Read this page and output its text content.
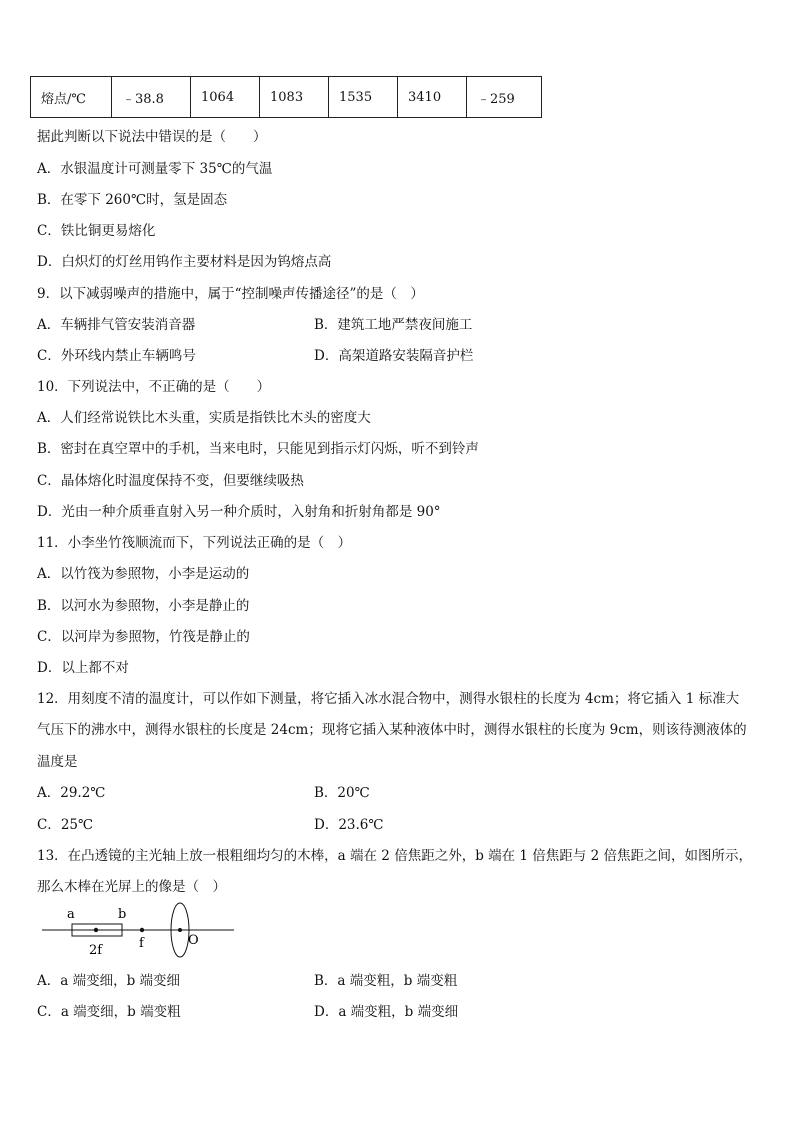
熔点/℃	﹣38.8	1064	1083	1535	3410	﹣259
据此判断以下说法中错误的是（　　）
A．水银温度计可测量零下 35℃的气温
B．在零下 260℃时，氢是固态
C．铁比铜更易熔化
D．白炽灯的灯丝用钨作主要材料是因为钨熔点高
9．以下减弱噪声的措施中，属于“控制噪声传播途径”的是（　）
A．车辆排气管安装消音器	B．建筑工地严禁夜间施工
C．外环线内禁止车辆鸣号	D．高架道路安装隔音护栏
10．下列说法中，不正确的是（　　）
A．人们经常说铁比木头重，实质是指铁比木头的密度大
B．密封在真空罩中的手机，当来电时，只能见到指示灯闪烁，听不到铃声
C．晶体熔化时温度保持不变，但要继续吸热
D．光由一种介质垂直射入另一种介质时，入射角和折射角都是 90°
11．小李坐竹筏顺流而下，下列说法正确的是（　）
A．以竹筏为参照物，小李是运动的
B．以河水为参照物，小李是静止的
C．以河岸为参照物，竹筏是静止的
D．以上都不对
12．用刻度不清的温度计，可以作如下测量，将它插入冰水混合物中，测得水银柱的长度为 4cm；将它插入 1 标准大
气压下的沸水中，测得水银柱的长度是 24cm；现将它插入某种液体中时，测得水银柱的长度为 9cm，则该待测液体的
温度是
A．29.2℃	B．20℃
C．25℃	D．23.6℃
13．在凸透镜的主光轴上放一根粗细均匀的木棒，a 端在 2 倍焦距之外，b 端在 1 倍焦距与 2 倍焦距之间，如图所示，
那么木棒在光屏上的像是（　）
a	b
2f	f	O
A．a 端变细，b 端变细	B．a 端变粗，b 端变粗
C．a 端变细，b 端变粗	D．a 端变粗，b 端变细
